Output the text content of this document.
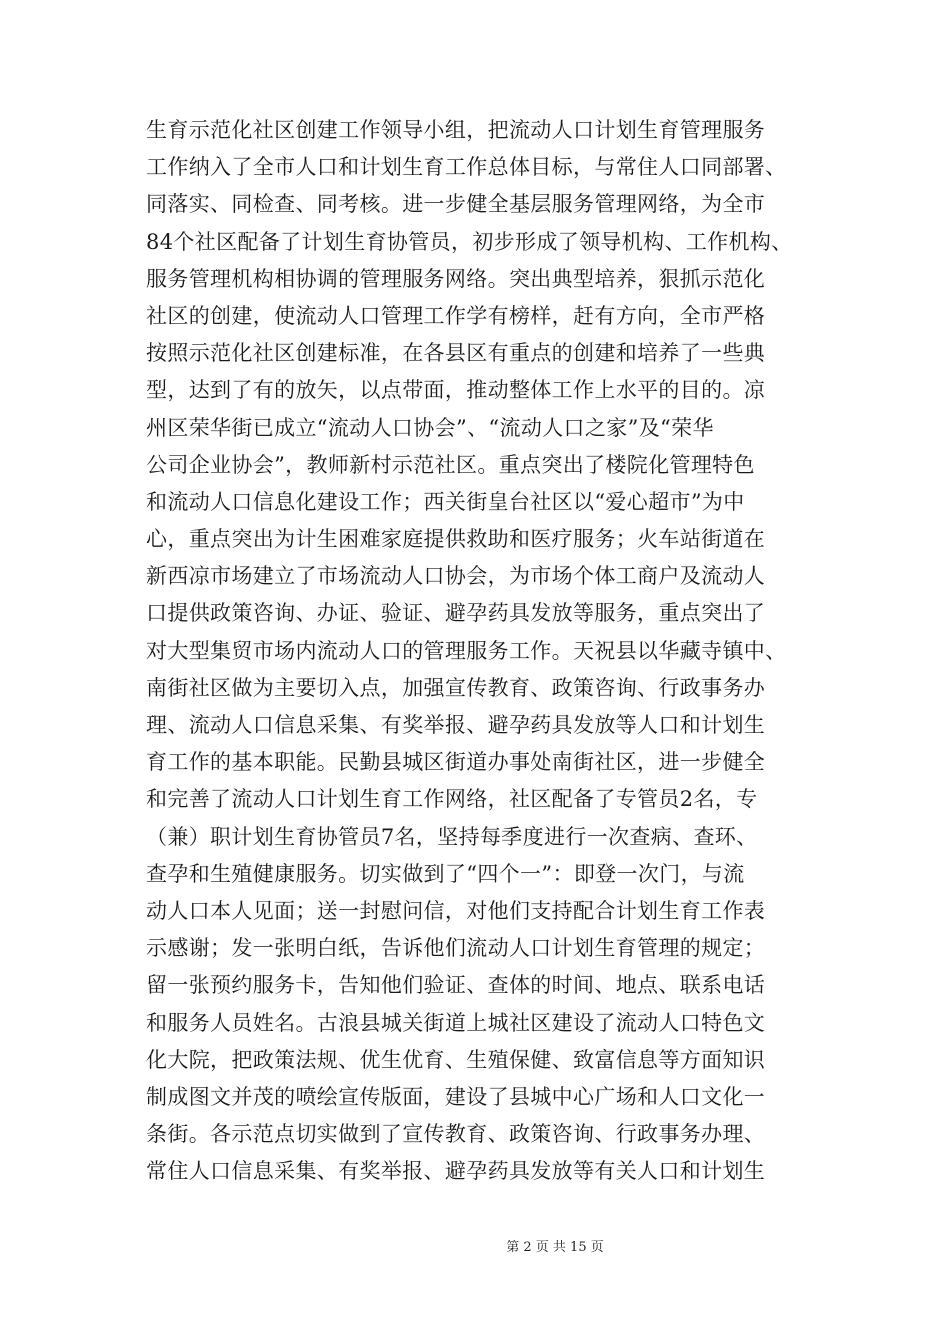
生育示范化社区创建工作领导小组，把流动人口计划生育管理服务
工作纳入了全市人口和计划生育工作总体目标，与常住人口同部署、
同落实、同检查、同考核。进一步健全基层服务管理网络，为全市
84个社区配备了计划生育协管员，初步形成了领导机构、工作机构、
服务管理机构相协调的管理服务网络。突出典型培养，狠抓示范化
社区的创建，使流动人口管理工作学有榜样，赶有方向，全市严格
按照示范化社区创建标准，在各县区有重点的创建和培养了一些典
型，达到了有的放矢，以点带面，推动整体工作上水平的目的。凉
州区荣华街已成立“流动人口协会”、“流动人口之家”及“荣华
公司企业协会”，教师新村示范社区。重点突出了楼院化管理特色
和流动人口信息化建设工作；西关街皇台社区以“爱心超市”为中
心，重点突出为计生困难家庭提供救助和医疗服务；火车站街道在
新西凉市场建立了市场流动人口协会，为市场个体工商户及流动人
口提供政策咨询、办证、验证、避孕药具发放等服务，重点突出了
对大型集贸市场内流动人口的管理服务工作。天祝县以华藏寺镇中、
南街社区做为主要切入点，加强宣传教育、政策咨询、行政事务办
理、流动人口信息采集、有奖举报、避孕药具发放等人口和计划生
育工作的基本职能。民勤县城区街道办事处南街社区，进一步健全
和完善了流动人口计划生育工作网络，社区配备了专管员2名，专
（兼）职计划生育协管员7名，坚持每季度进行一次查病、查环、
查孕和生殖健康服务。切实做到了“四个一”：即登一次门，与流
动人口本人见面；送一封慰问信，对他们支持配合计划生育工作表
示感谢；发一张明白纸，告诉他们流动人口计划生育管理的规定；
留一张预约服务卡，告知他们验证、查体的时间、地点、联系电话
和服务人员姓名。古浪县城关街道上城社区建设了流动人口特色文
化大院，把政策法规、优生优育、生殖保健、致富信息等方面知识
制成图文并茂的喷绘宣传版面，建设了县城中心广场和人口文化一
条街。各示范点切实做到了宣传教育、政策咨询、行政事务办理、
常住人口信息采集、有奖举报、避孕药具发放等有关人口和计划生
第 2 页 共 15 页
